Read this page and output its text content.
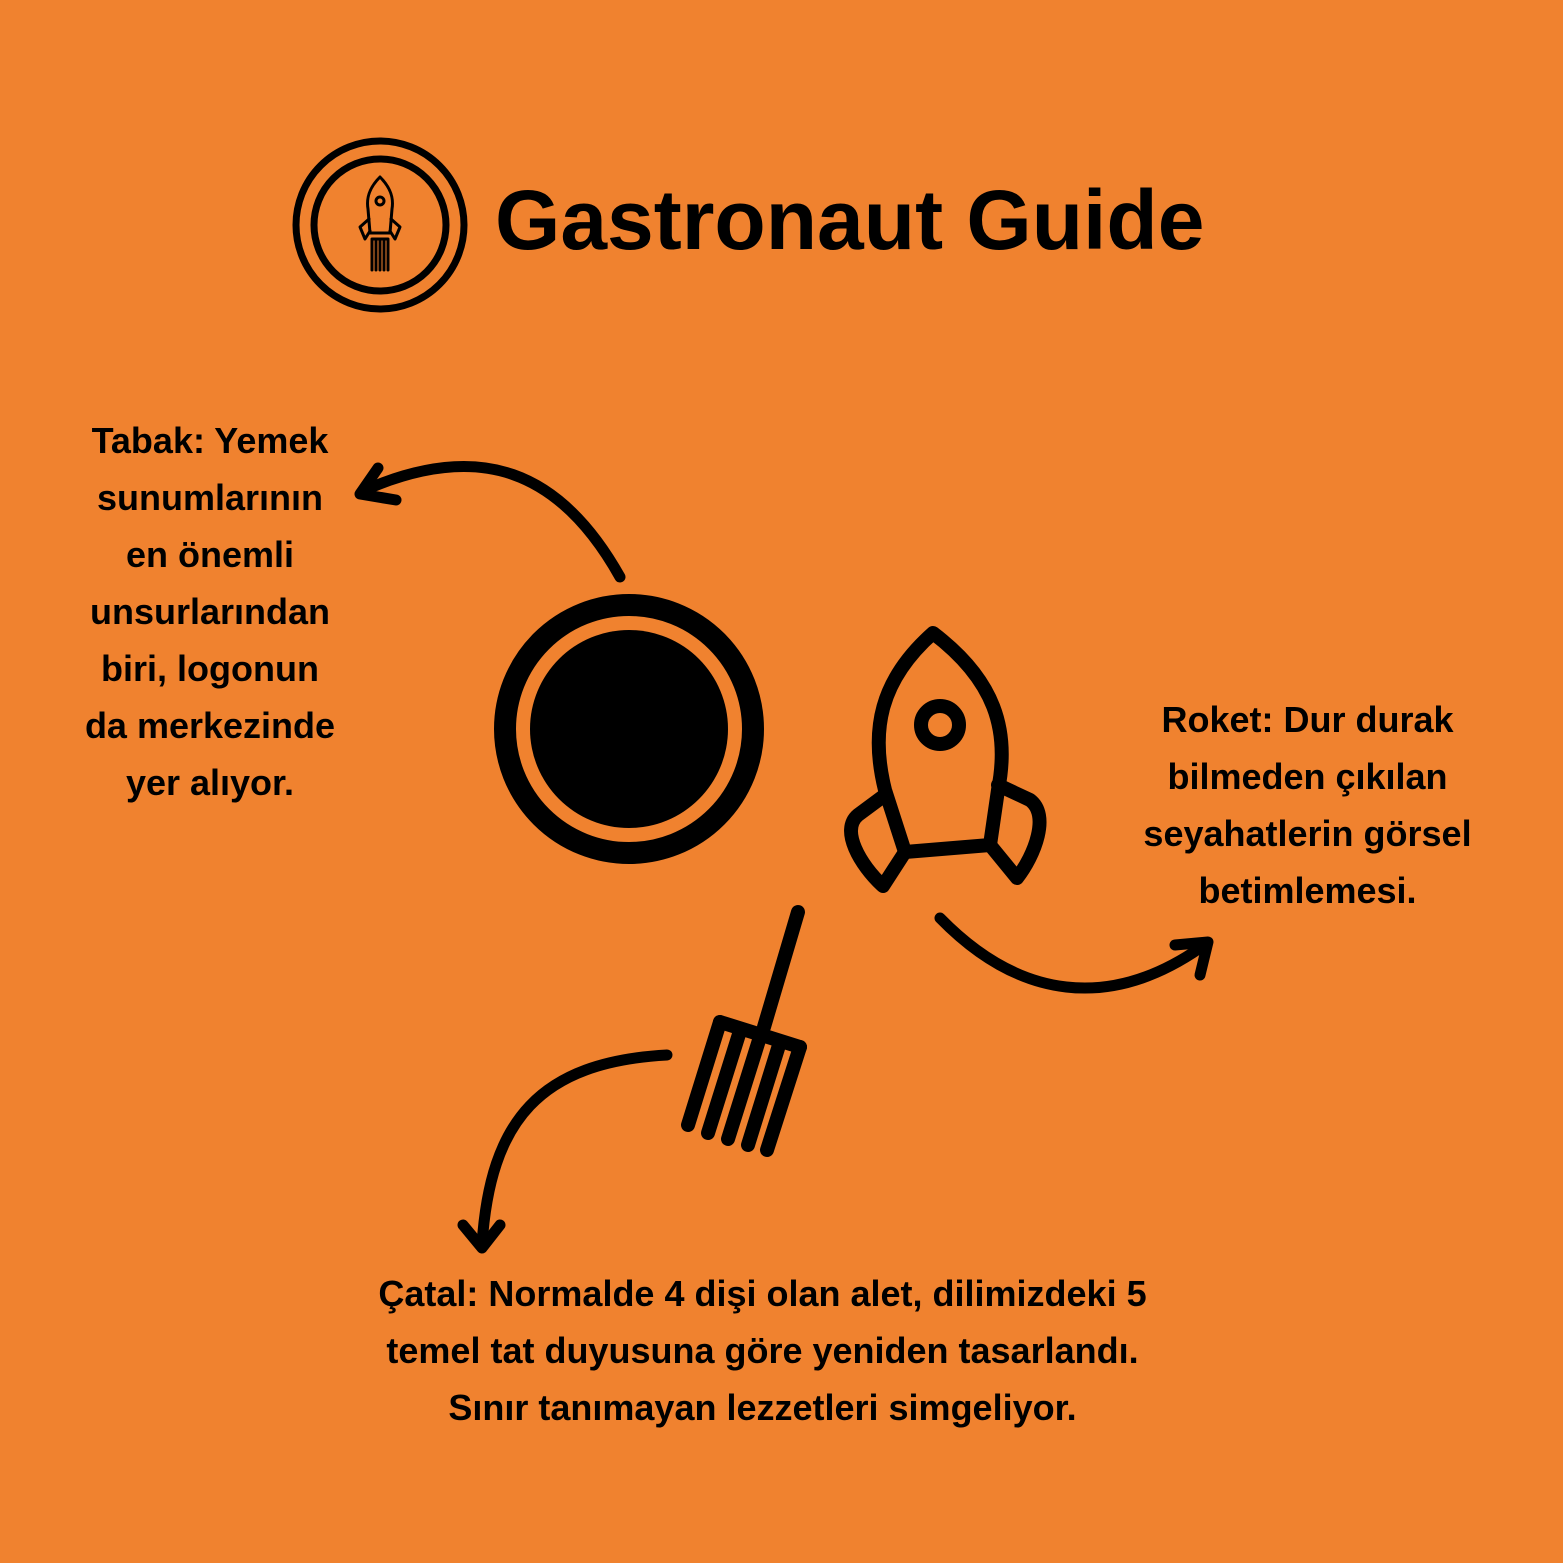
Gastronaut Guide
Tabak: Yemek
sunumlarının
en önemli
unsurlarından
biri, logonun
da merkezinde
yer alıyor.
Roket: Dur durak
bilmeden çıkılan
seyahatlerin görsel
betimlemesi.
Çatal: Normalde 4 dişi olan alet, dilimizdeki 5
temel tat duyusuna göre yeniden tasarlandı.
Sınır tanımayan lezzetleri simgeliyor.
